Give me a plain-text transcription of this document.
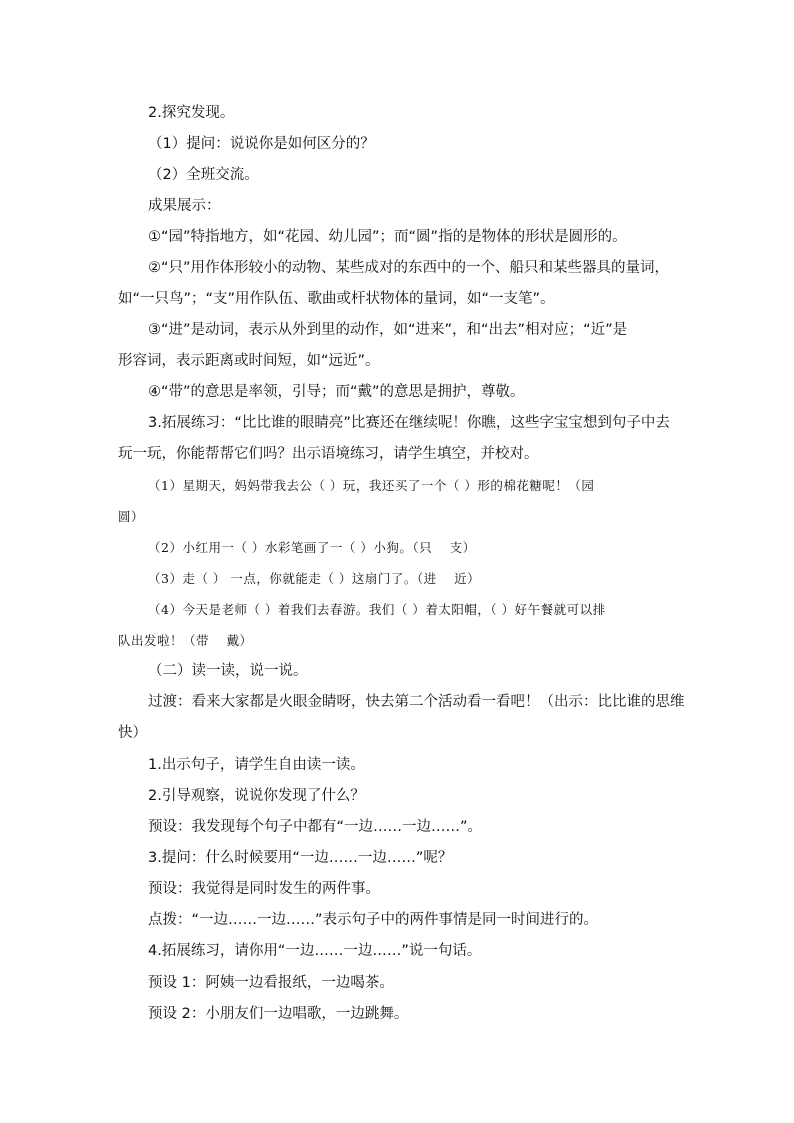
2.探究发现。
（1）提问：说说你是如何区分的？
（2）全班交流。
成果展示：
①“园”特指地方，如“花园、幼儿园”；而“圆”指的是物体的形状是圆形的。
②“只”用作体形较小的动物、某些成对的东西中的一个、船只和某些器具的量词，
如“一只鸟”；“支”用作队伍、歌曲或杆状物体的量词，如“一支笔”。
③“进”是动词，表示从外到里的动作，如“进来”，和“出去”相对应；“近”是
形容词，表示距离或时间短，如“远近”。
④“带”的意思是率领，引导；而“戴”的意思是拥护，尊敬。
3.拓展练习：“比比谁的眼睛亮”比赛还在继续呢！你瞧，这些字宝宝想到句子中去
玩一玩，你能帮帮它们吗？出示语境练习，请学生填空，并校对。
（1）星期天，妈妈带我去公（ ）玩，我还买了一个（ ）形的棉花糖呢！（园
圆）
（2）小红用一（ ）水彩笔画了一（ ）小狗。（只　 支）
（3）走（ ） 一点，你就能走（ ）这扇门了。（进　 近）
（4）今天是老师（ ）着我们去春游。我们（ ）着太阳帽，（ ）好午餐就可以排
队出发啦！（带　 戴）
（二）读一读，说一说。
过渡：看来大家都是火眼金睛呀，快去第二个活动看一看吧！（出示：比比谁的思维
快）
1.出示句子，请学生自由读一读。
2.引导观察，说说你发现了什么？
预设：我发现每个句子中都有“一边……一边……”。
3.提问：什么时候要用“一边……一边……”呢？
预设：我觉得是同时发生的两件事。
点拨：“一边……一边……”表示句子中的两件事情是同一时间进行的。
4.拓展练习，请你用“一边……一边……”说一句话。
预设 1：阿姨一边看报纸，一边喝茶。
预设 2：小朋友们一边唱歌，一边跳舞。
